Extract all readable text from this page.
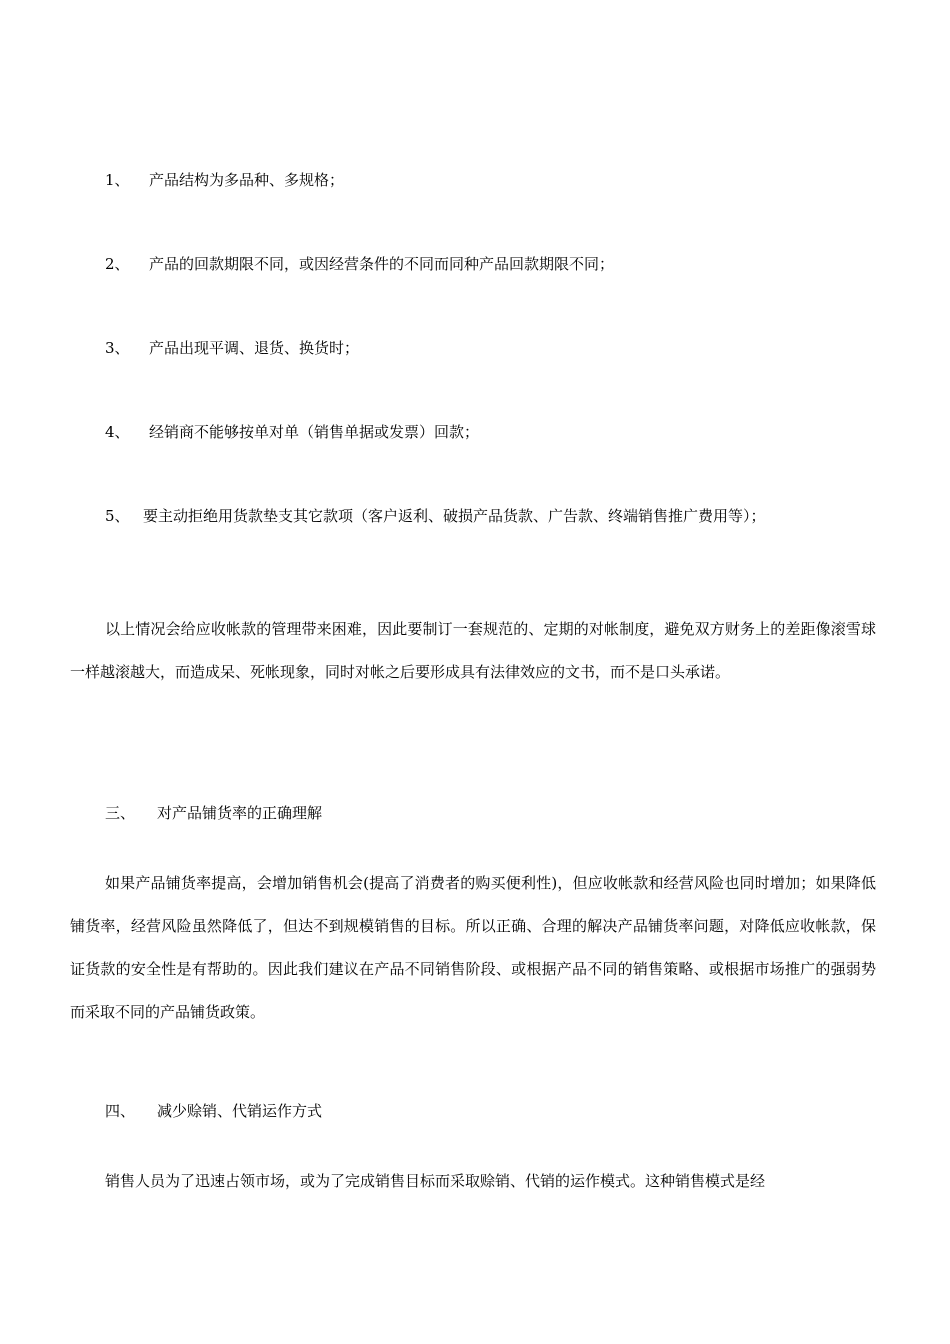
1、 产品结构为多品种、多规格；
2、 产品的回款期限不同，或因经营条件的不同而同种产品回款期限不同；
3、 产品出现平调、退货、换货时；
4、 经销商不能够按单对单（销售单据或发票）回款；
5、 要主动拒绝用货款垫支其它款项（客户返利、破损产品货款、广告款、终端销售推广费用等）；

以上情况会给应收帐款的管理带来困难，因此要制订一套规范的、定期的对帐制度，避免双方财务上的差距像滚雪球一样越滚越大，而造成呆、死帐现象，同时对帐之后要形成具有法律效应的文书，而不是口头承诺。

三、 对产品铺货率的正确理解

如果产品铺货率提高，会增加销售机会(提高了消费者的购买便利性)，但应收帐款和经营风险也同时增加；如果降低铺货率，经营风险虽然降低了，但达不到规模销售的目标。所以正确、合理的解决产品铺货率问题，对降低应收帐款，保证货款的安全性是有帮助的。因此我们建议在产品不同销售阶段、或根据产品不同的销售策略、或根据市场推广的强弱势而采取不同的产品铺货政策。

四、 减少赊销、代销运作方式

销售人员为了迅速占领市场，或为了完成销售目标而采取赊销、代销的运作模式。这种销售模式是经
